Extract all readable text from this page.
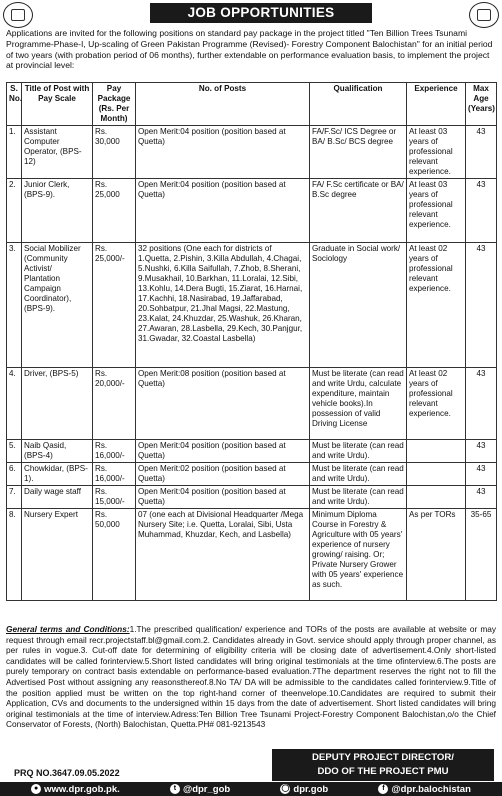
JOB OPPORTUNITIES
Applications are invited for the following positions on standard pay package in the project titled "Ten Billion Trees Tsunami Programme-Phase-I, Up-scaling of Green Pakistan Programme (Revised)- Forestry Component Balochistan" for an initial period of two years (with probation period of 06 months), further extendable on performance evaluation basis, to implement the project at provincial level:
S. No.	Title of Post with Pay Scale	Pay Package (Rs. Per Month)	No. of Posts	Qualification	Experience	Max Age (Years)
1.	Assistant Computer Operator, (BPS-12)	Rs. 30,000	Open Merit:04 position (position based at Quetta)	FA/F.Sc/ ICS Degree or BA/ B.Sc/ BCS degree	At least 03 years of professional relevant experience.	43
2.	Junior Clerk, (BPS-9).	Rs. 25,000	Open Merit:04 position (position based at Quetta)	FA/ F.Sc certificate or BA/ B.Sc degree	At least 03 years of professional relevant experience.	43
3.	Social Mobilizer (Community Activist/ Plantation Campaign Coordinator), (BPS-9).	Rs. 25,000/-	32 positions (One each for districts of 1.Quetta, 2.Pishin, 3.Killa Abdullah, 4.Chagai, 5.Nushki, 6.Killa Saifullah, 7.Zhob, 8.Sherani, 9.Musakhail, 10.Barkhan, 11.Loralai, 12.Sibi, 13.Kohlu, 14.Dera Bugti, 15.Ziarat, 16.Harnai, 17.Kachhi, 18.Nasirabad, 19.Jaffarabad, 20.Sohbatpur, 21.Jhal Magsi, 22.Mastung, 23.Kalat, 24.Khuzdar, 25.Washuk, 26.Kharan, 27.Awaran, 28.Lasbella, 29.Kech, 30.Panjgur, 31.Gwadar, 32.Coastal Lasbella)	Graduate in Social work/ Sociology	At least 02 years of professional relevant experience.	43
4.	Driver, (BPS-5)	Rs. 20,000/-	Open Merit:08 position (position based at Quetta)	Must be literate (can read and write Urdu, calculate expenditure, maintain vehicle books).In possession of valid Driving License	At least 02 years of professional relevant experience.	43
5.	Naib Qasid, (BPS-4)	Rs. 16,000/-	Open Merit:04 position (position based at Quetta)	Must be literate (can read and write Urdu).		43
6.	Chowkidar, (BPS-1).	Rs. 16,000/-	Open Merit:02 position (position based at Quetta)	Must be literate (can read and write Urdu).		43
7.	Daily wage staff	Rs. 15,000/-	Open Merit:04 position (position based at Quetta)	Must be literate (can read and write Urdu).		43
8.	Nursery Expert	Rs. 50,000	07 (one each at Divisional Headquarter /Mega Nursery Site; i.e. Quetta, Loralai, Sibi, Usta Muhammad, Khuzdar, Kech, and Lasbella)	Minimum Diploma Course in Forestry & Agriculture with 05 years' experience of nursery growing/ raising. Or; Private Nursery Grower with 05 years' experience as such.	As per TORs	35-65
General terms and Conditions:1.The prescribed qualification/ experience and TORs of the posts are available at website or may request through email recr.projectstaff.bl@gmail.com.2. Candidates already in Govt. service should apply through proper channel, as per rules in vogue.3. Cut-off date for determining of eligibility criteria will be closing date of advertisement.4.Only short-listed candidates will be called forinterview.5.Short listed candidates will bring original testimonials at the time ofinterview.6.The posts are purely temporary on contract basis extendable on performance-based evaluation.7The department reserves the right not to fill the Advertised Post without assigning any reasonsthereof.8.No TA/ DA will be admissible to the candidates called forinterview.9.Title of the position applied must be written on the top right-hand corner of theenvelope.10.Candidates are required to submit their Application, CVs and documents to the undersigned within 15 days from the date of advertisement. Short listed candidates will bring original testimonials at the time of interview.Adress:Ten Billion Tree Tsunami Project-Forestry Component Balochistan,o/o the Chief Conservator of Forests, (North) Balochistan, Quetta.PH# 081-9213543
PRQ NO.3647.09.05.2022
DEPUTY PROJECT DIRECTOR/
DDO OF THE PROJECT PMU
● www.dpr.gob.pk.	t @dpr_gob	◯ dpr.gob	f @dpr.balochistan
